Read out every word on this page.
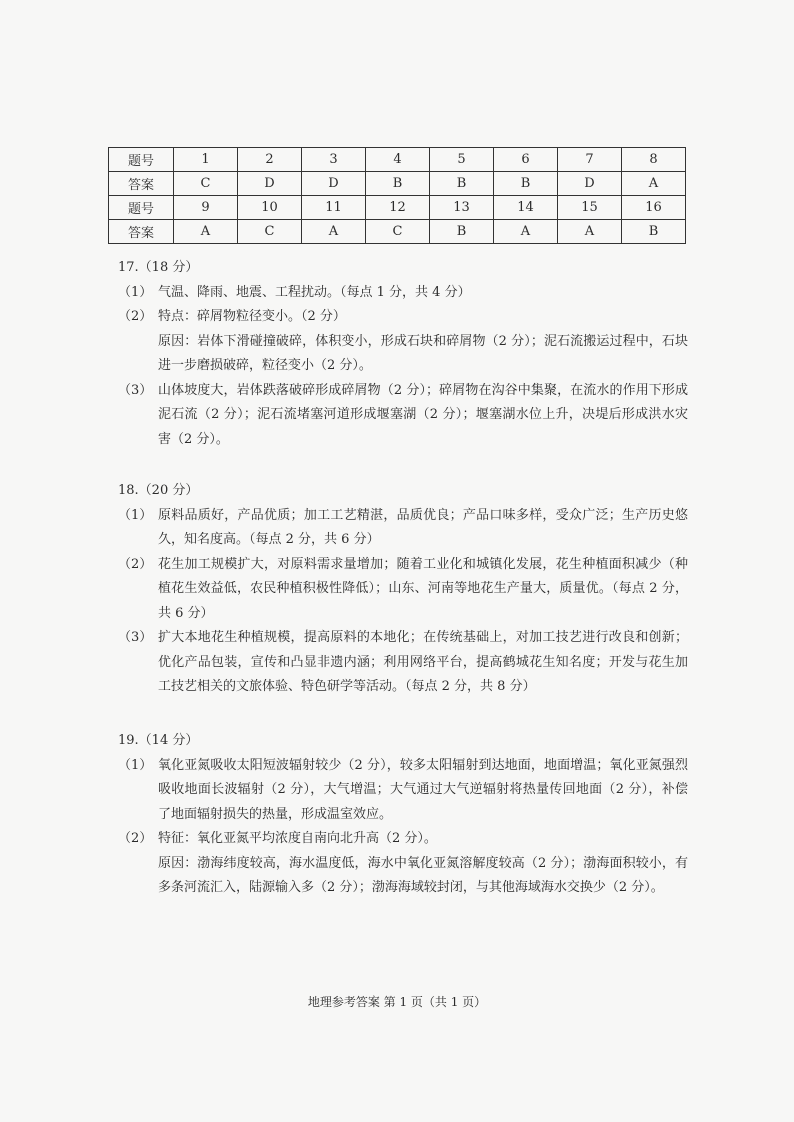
题号	1	2	3	4	5	6	7	8
答案	C	D	D	B	B	B	D	A
题号	9	10	11	12	13	14	15	16
答案	A	C	A	C	B	A	A	B

17.（18 分）

（1） 气温、降雨、地震、工程扰动。（每点 1 分，共 4 分）

（2） 特点：碎屑物粒径变小。（2 分）

原因：岩体下滑碰撞破碎，体积变小，形成石块和碎屑物（2 分）；泥石流搬运过程中，石块进一步磨损破碎，粒径变小（2 分）。

（3） 山体坡度大，岩体跌落破碎形成碎屑物（2 分）；碎屑物在沟谷中集聚，在流水的作用下形成泥石流（2 分）；泥石流堵塞河道形成堰塞湖（2 分）；堰塞湖水位上升，决堤后形成洪水灾害（2 分）。

18.（20 分）

（1） 原料品质好，产品优质；加工工艺精湛，品质优良；产品口味多样，受众广泛；生产历史悠久，知名度高。（每点 2 分，共 6 分）

（2） 花生加工规模扩大，对原料需求量增加；随着工业化和城镇化发展，花生种植面积减少（种植花生效益低，农民种植积极性降低）；山东、河南等地花生产量大，质量优。（每点 2 分，共 6 分）

（3） 扩大本地花生种植规模，提高原料的本地化；在传统基础上，对加工技艺进行改良和创新；优化产品包装，宣传和凸显非遗内涵；利用网络平台，提高鹤城花生知名度；开发与花生加工技艺相关的文旅体验、特色研学等活动。（每点 2 分，共 8 分）

19.（14 分）

（1） 氧化亚氮吸收太阳短波辐射较少（2 分），较多太阳辐射到达地面，地面增温；氧化亚氮强烈吸收地面长波辐射（2 分），大气增温；大气通过大气逆辐射将热量传回地面（2 分），补偿了地面辐射损失的热量，形成温室效应。

（2） 特征：氧化亚氮平均浓度自南向北升高（2 分）。

原因：渤海纬度较高，海水温度低，海水中氧化亚氮溶解度较高（2 分）；渤海面积较小，有多条河流汇入，陆源输入多（2 分）；渤海海域较封闭，与其他海域海水交换少（2 分）。

地理参考答案 第 1 页（共 1 页）
